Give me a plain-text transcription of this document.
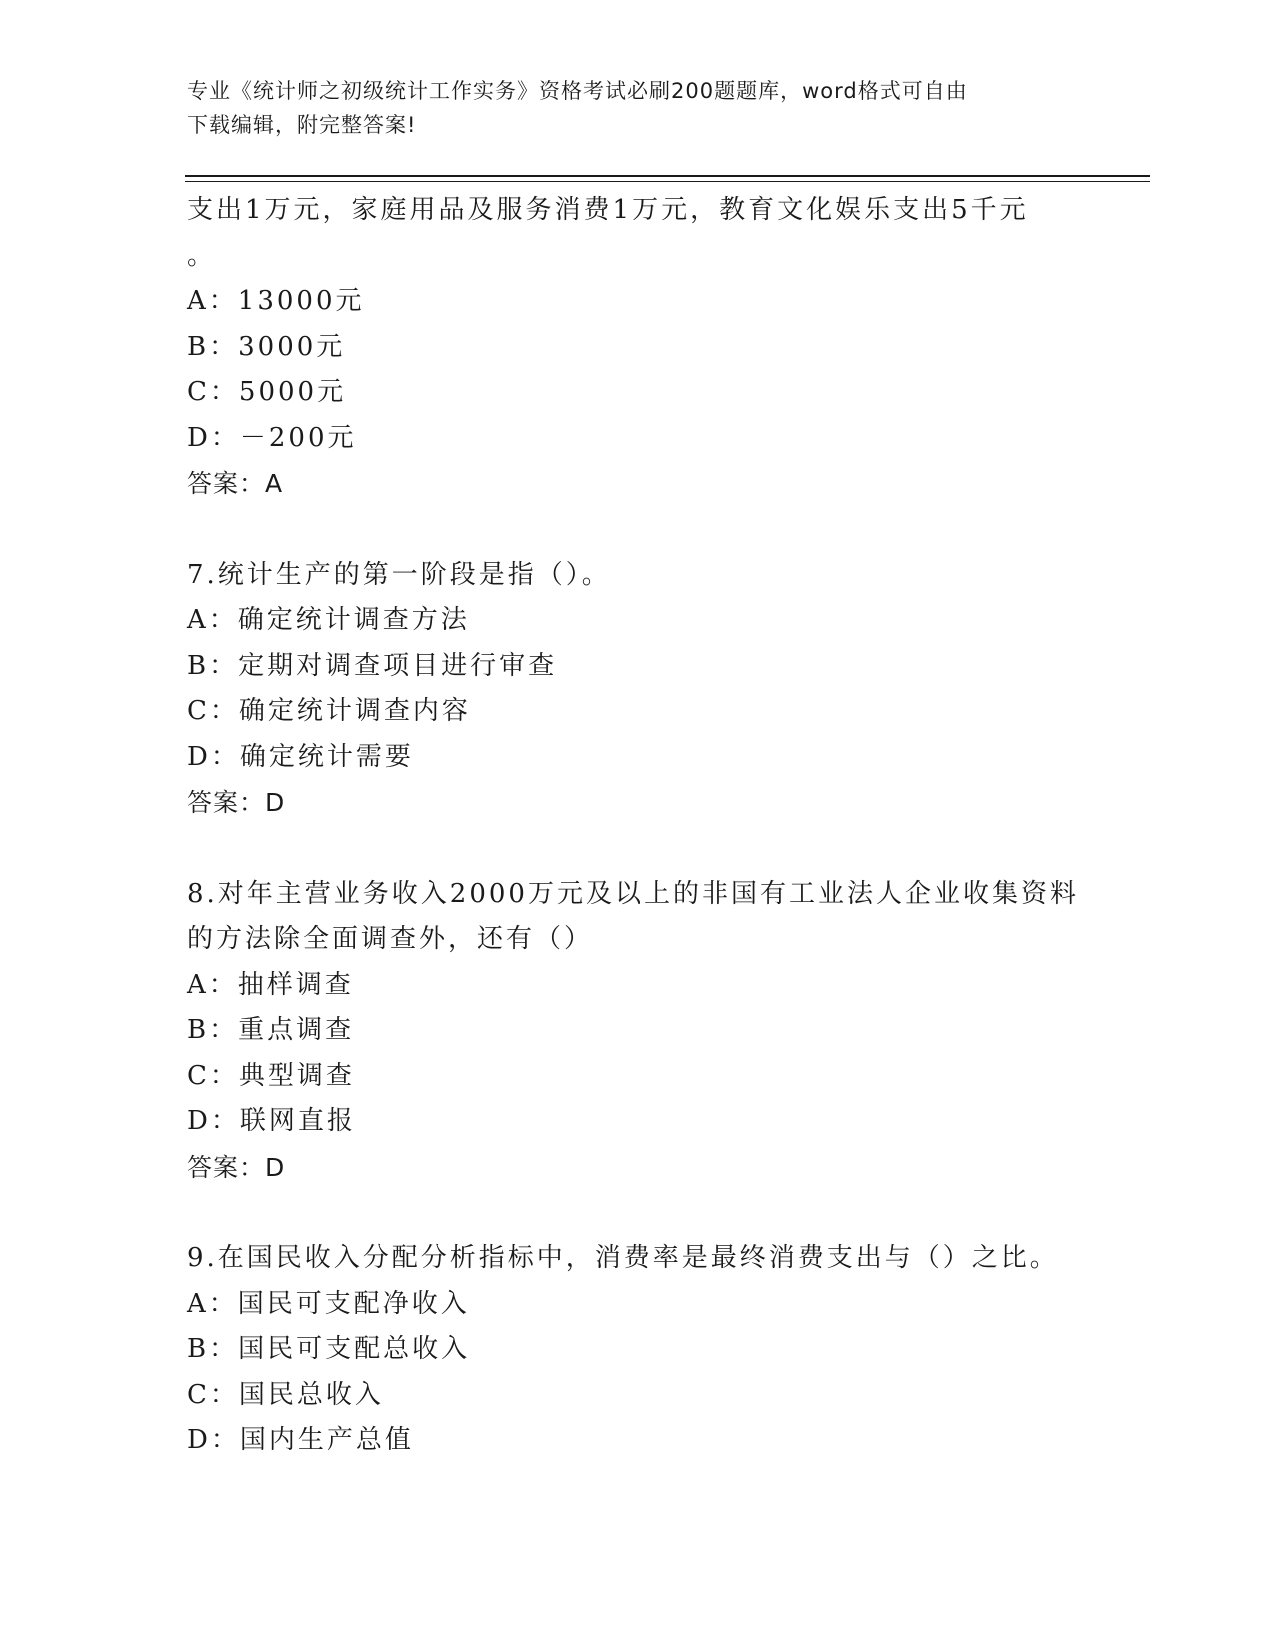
专业《统计师之初级统计工作实务》资格考试必刷200题题库，word格式可自由
下载编辑，附完整答案!
支出1万元，家庭用品及服务消费1万元，教育文化娱乐支出5千元
。
A：13000元
B：3000元
C：5000元
D：－200元
答案：A
7.统计生产的第一阶段是指（）。
A：确定统计调查方法
B：定期对调查项目进行审查
C：确定统计调查内容
D：确定统计需要
答案：D
8.对年主营业务收入2000万元及以上的非国有工业法人企业收集资料
的方法除全面调查外，还有（）
A：抽样调查
B：重点调查
C：典型调查
D：联网直报
答案：D
9.在国民收入分配分析指标中，消费率是最终消费支出与（）之比。
A：国民可支配净收入
B：国民可支配总收入
C：国民总收入
D：国内生产总值
